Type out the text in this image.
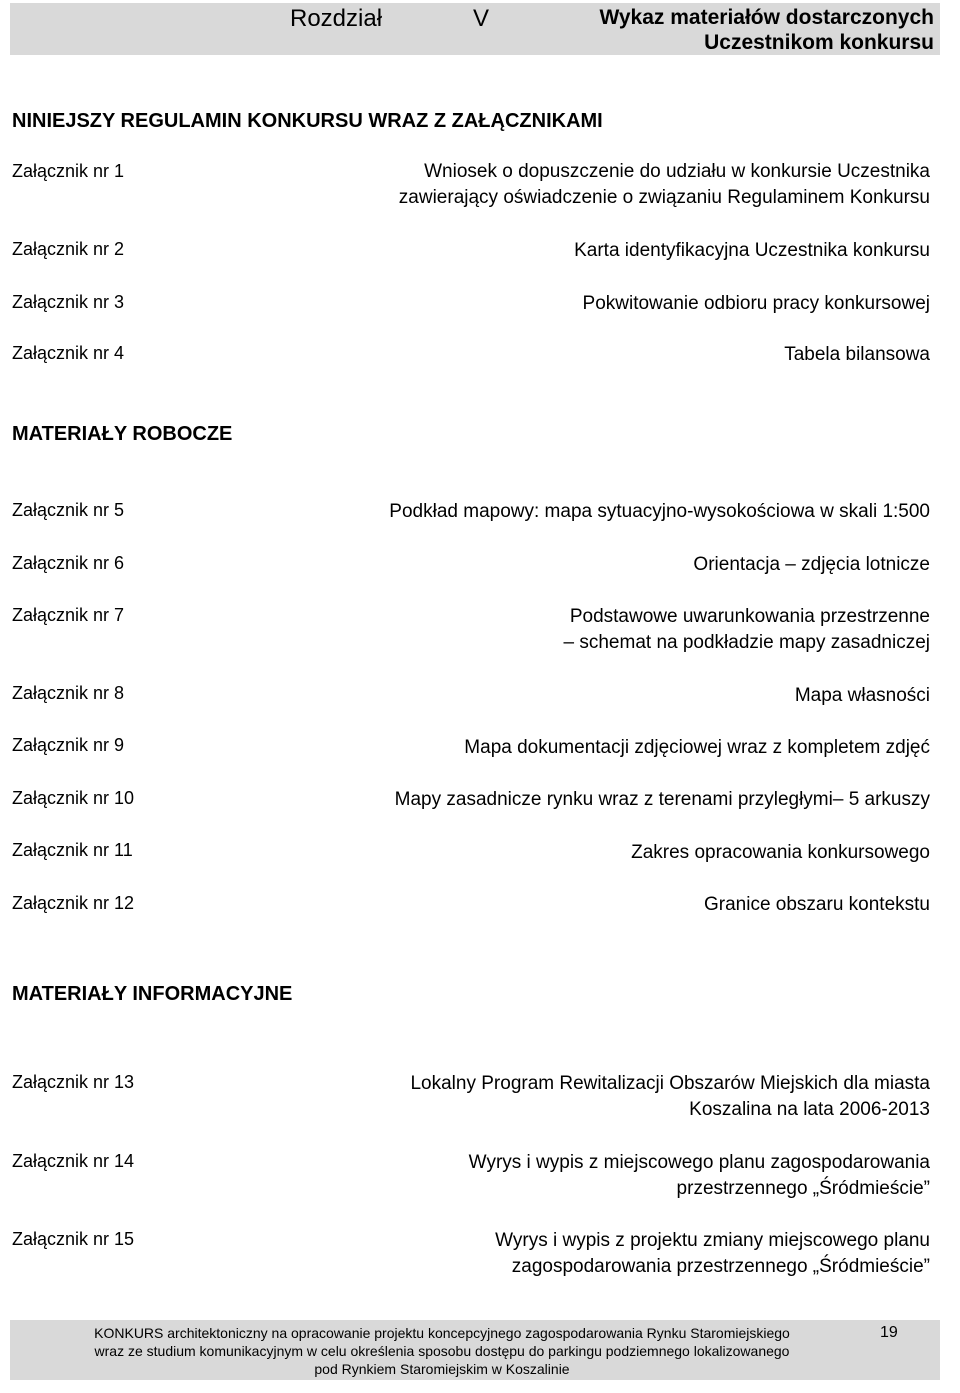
Rozdział	V	Wykaz materiałów dostarczonych
Uczestnikom konkursu
NINIEJSZY REGULAMIN KONKURSU WRAZ Z ZAŁĄCZNIKAMI
Załącznik nr 1	Wniosek o dopuszczenie do udziału w konkursie Uczestnika
zawierający oświadczenie o związaniu Regulaminem Konkursu
Załącznik nr 2	Karta identyfikacyjna Uczestnika konkursu
Załącznik nr 3	Pokwitowanie odbioru pracy konkursowej
Załącznik nr 4	Tabela bilansowa
MATERIAŁY ROBOCZE
Załącznik nr 5	Podkład mapowy: mapa sytuacyjno-wysokościowa w skali 1:500
Załącznik nr 6	Orientacja – zdjęcia lotnicze
Załącznik nr 7	Podstawowe uwarunkowania przestrzenne
– schemat na podkładzie mapy zasadniczej
Załącznik nr 8	Mapa własności
Załącznik nr 9	Mapa dokumentacji zdjęciowej wraz z kompletem zdjęć
Załącznik nr 10	Mapy zasadnicze rynku wraz z terenami przyległymi– 5 arkuszy
Załącznik nr 11	Zakres opracowania konkursowego
Załącznik nr 12	Granice obszaru kontekstu
MATERIAŁY INFORMACYJNE
Załącznik nr 13	Lokalny Program Rewitalizacji Obszarów Miejskich dla miasta
Koszalina na lata 2006-2013
Załącznik nr 14	Wyrys i wypis z miejscowego planu zagospodarowania
przestrzennego „Śródmieście”
Załącznik nr 15	Wyrys i wypis z projektu zmiany miejscowego planu
zagospodarowania przestrzennego „Śródmieście”
KONKURS architektoniczny na opracowanie projektu koncepcyjnego zagospodarowania Rynku Staromiejskiego
wraz ze studium komunikacyjnym w celu określenia sposobu dostępu do parkingu podziemnego lokalizowanego
pod Rynkiem Staromiejskim w Koszalinie
19
